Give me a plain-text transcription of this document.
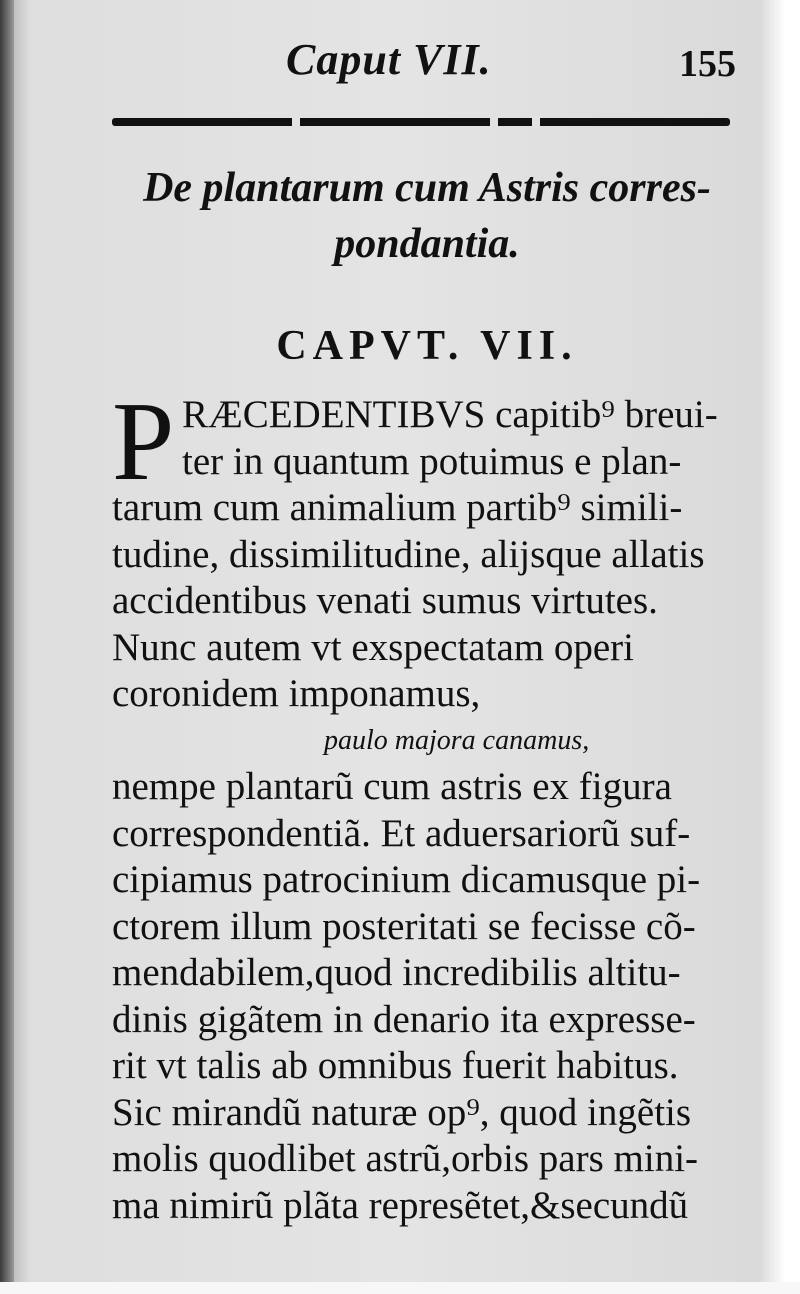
Caput VII.	155
De plantarum cum Astris corres-
pondantia.
CAPVT. VII.
P RÆCEDENTIBVS capitib⁹ breui-
ter in quantum potuimus e plan-
tarum cum animalium partib⁹ simili-
tudine, dissimilitudine, alijsque allatis
accidentibus venati sumus virtutes.
Nunc autem vt exspectatam operi
coronidem imponamus,
paulo majora canamus,
nempe plantarũ cum astris ex figura
correspondentiã. Et aduersariorũ suf-
cipiamus patrocinium dicamusque pi-
ctorem illum posteritati se fecisse cõ-
mendabilem,quod incredibilis altitu-
dinis gigãtem in denario ita expresse-
rit vt talis ab omnibus fuerit habitus.
Sic mirandũ naturæ op⁹, quod ingẽtis
molis quodlibet astrũ,orbis pars mini-
ma nimirũ plãta represẽtet,&secundũ
